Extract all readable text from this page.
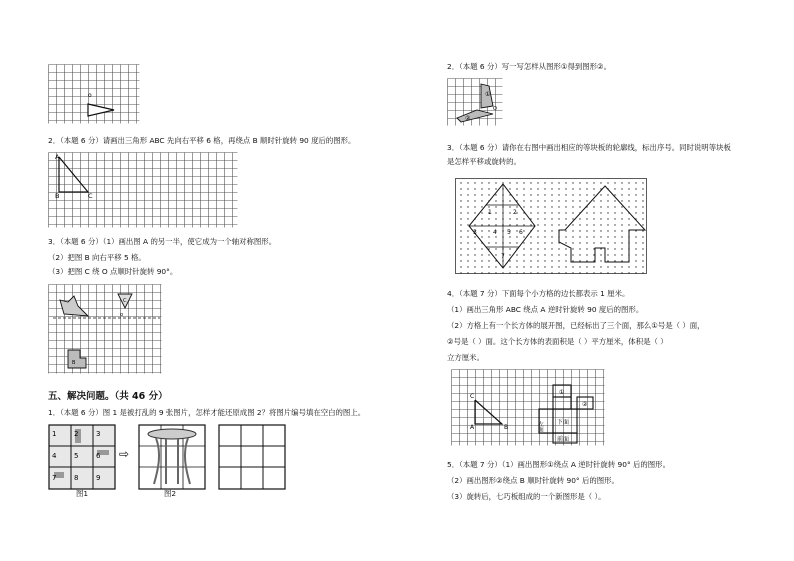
o
2．（本题 6 分）请画出三角形 ABC 先向右平移 6 格，再绕点 B 顺时针旋转 90 度后的图形。
A
B	C
3．（本题 6 分）（1）画出图 A 的另一半，使它成为一个轴对称图形。
（2）把图 B 向右平移 5 格。
（3）把图 C 绕 O 点顺时针旋转 90°。
C
o
B
五、解决问题。（共 46 分）
1．（本题 6 分）图 1 是被打乱的 9 张图片，怎样才能还原成图 2？将图片编号填在空白的图上。
1	2	3
4	5	6
7	8	9
图1
⇨
图2
2．（本题 6 分）写一写怎样从图形①得到图形②。
①
②
O
3．（本题 6 分）请你在右图中画出相应的等块板的轮廓线，标出序号。同时说明等块板
是怎样平移或旋转的。
1	2
3	4 5 6
7
4．（本题 7 分）下面每个小方格的边长都表示 1 厘米。
（1）画出三角形 ABC 绕点 A 逆时针旋转 90 度后的图形。
（2）方格上有一个长方体的展开图，已经标出了三个面，那么①号是（ ）面，
②号是（ ）面。这个长方体的表面积是（ ）平方厘米，体积是（ ）
立方厘米。
C
A	B
①
②
左面 下面
前面
5．（本题 7 分）（1）画出图形①绕点 A 逆时针旋转 90° 后的图形。
（2）画出图形②绕点 B 顺时针旋转 90° 后的图形。
（3）旋转后，七巧板组成的一个新图形是（ ）。
